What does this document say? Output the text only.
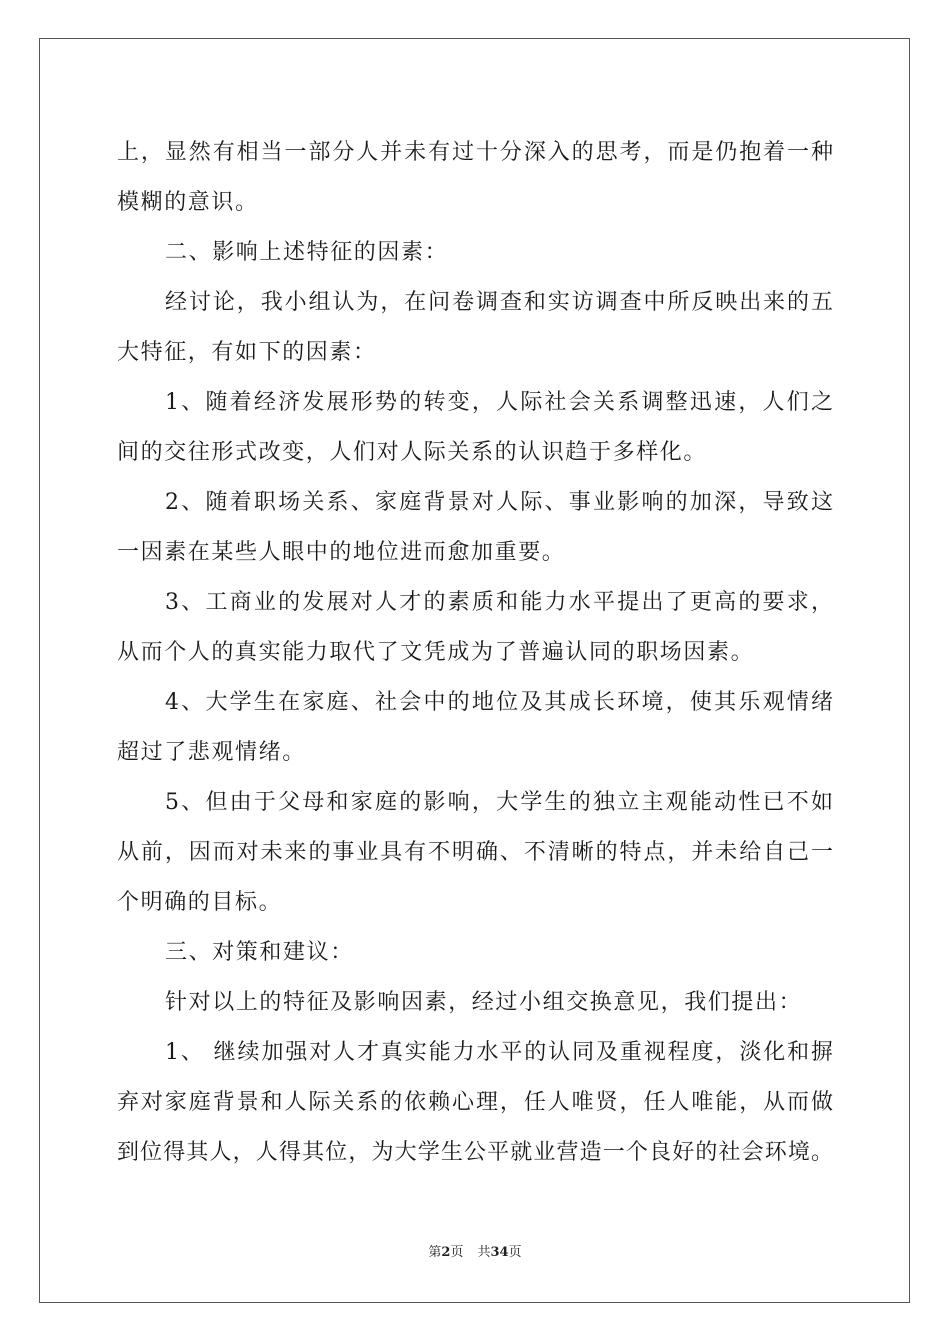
上，显然有相当一部分人并未有过十分深入的思考，而是仍抱着一种
模糊的意识。
二、影响上述特征的因素：
经讨论，我小组认为，在问卷调查和实访调查中所反映出来的五
大特征，有如下的因素：
1、随着经济发展形势的转变，人际社会关系调整迅速，人们之
间的交往形式改变，人们对人际关系的认识趋于多样化。
2、随着职场关系、家庭背景对人际、事业影响的加深，导致这
一因素在某些人眼中的地位进而愈加重要。
3、工商业的发展对人才的素质和能力水平提出了更高的要求，
从而个人的真实能力取代了文凭成为了普遍认同的职场因素。
4、大学生在家庭、社会中的地位及其成长环境，使其乐观情绪
超过了悲观情绪。
5、但由于父母和家庭的影响，大学生的独立主观能动性已不如
从前，因而对未来的事业具有不明确、不清晰的特点，并未给自己一
个明确的目标。
三、对策和建议：
针对以上的特征及影响因素，经过小组交换意见，我们提出：
1、 继续加强对人才真实能力水平的认同及重视程度，淡化和摒
弃对家庭背景和人际关系的依赖心理，任人唯贤，任人唯能，从而做
到位得其人，人得其位，为大学生公平就业营造一个良好的社会环境。
第2页 共34页
